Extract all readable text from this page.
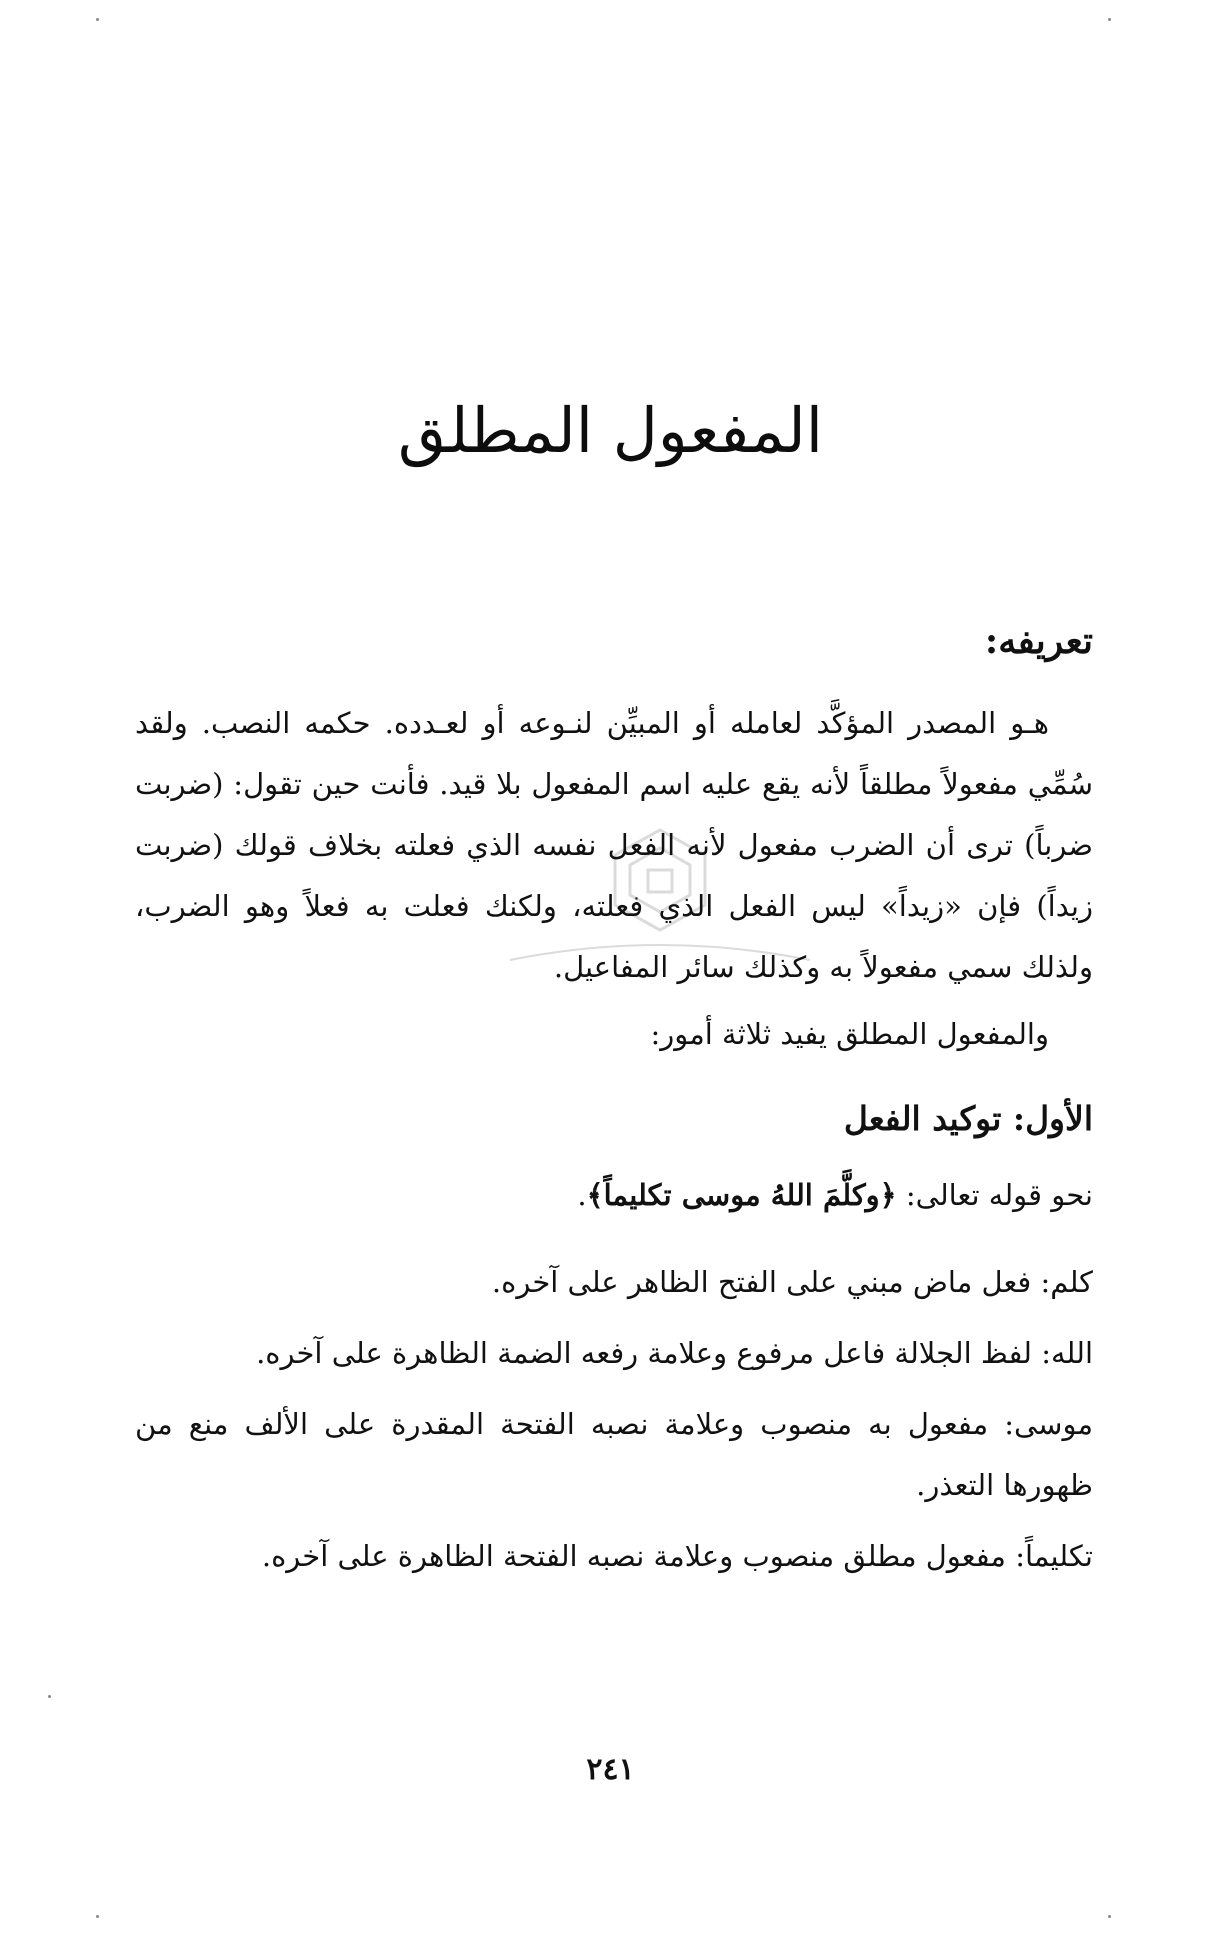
المفعول المطلق
تعريفه:

هـو المصدر المؤكَّد لعامله أو المبيِّن لنـوعه أو لعـدده. حكمه النصب. ولقد سُمِّي مفعولاً مطلقاً لأنه يقع عليه اسم المفعول بلا قيد. فأنت حين تقول: (ضربت ضرباً) ترى أن الضرب مفعول لأنه الفعل نفسه الذي فعلته بخلاف قولك (ضربت زيداً) فإن «زيداً» ليس الفعل الذي فعلته، ولكنك فعلت به فعلاً وهو الضرب، ولذلك سمي مفعولاً به وكذلك سائر المفاعيل.

والمفعول المطلق يفيد ثلاثة أمور:

الأول: توكيد الفعل

نحو قوله تعالى: ﴿وكلَّمَ اللهُ موسى تكليماً﴾.

كلم: فعل ماض مبني على الفتح الظاهر على آخره.

الله: لفظ الجلالة فاعل مرفوع وعلامة رفعه الضمة الظاهرة على آخره.

موسى: مفعول به منصوب وعلامة نصبه الفتحة المقدرة على الألف منع من ظهورها التعذر.

تكليماً: مفعول مطلق منصوب وعلامة نصبه الفتحة الظاهرة على آخره.

٢٤١
